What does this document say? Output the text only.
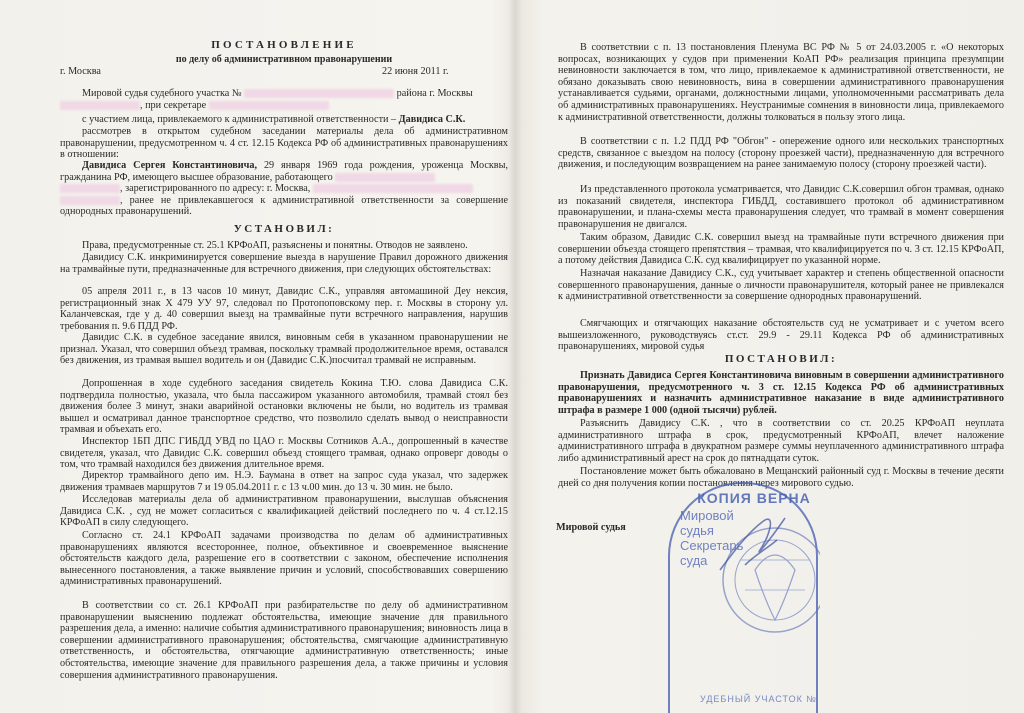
ПОСТАНОВЛЕНИЕ
по делу об административном правонарушении
г. Москва	22 июня 2011 г.

Мировой судья судебного участка №	района г. Москвы
, при секретаре

с участием лица, привлекаемого к административной ответственности – Давидиса С.К.

рассмотрев в открытом судебном заседании материалы дела об административном правонарушении, предусмотренном ч. 4 ст. 12.15 Кодекса РФ об административных правонарушениях в отношении:

Давидиса Сергея Константиновича, 29 января 1969 года рождения, уроженца Москвы, гражданина РФ, имеющего высшее образование, работающего
, зарегистрированного по адресу: г. Москва,
, ранее не привлекавшегося к административной ответственности за совершение однородных правонарушений.

УСТАНОВИЛ:

Права, предусмотренные ст. 25.1 КРФоАП, разъяснены и понятны. Отводов не заявлено.

Давидису С.К. инкриминируется совершение выезда в нарушение Правил дорожного движения на трамвайные пути, предназначенные для встречного движения, при следующих обстоятельствах:

05 апреля 2011 г., в 13 часов 10 минут, Давидис С.К., управляя автомашиной Деу нексия, регистрационный знак Х 479 УУ 97, следовал по Протопоповскому пер. г. Москвы в сторону ул. Каланчевская, где у д. 40 совершил выезд на трамвайные пути встречного направления, нарушив требования п. 9.6 ПДД РФ.

Давидис С.К. в судебное заседание явился, виновным себя в указанном правонарушении не признал. Указал, что совершил объезд трамвая, поскольку трамвай продолжительное время, оставался без движения, из трамвая вышел водитель и он (Давидис С.К.)посчитал трамвай не исправным.

Допрошенная в ходе судебного заседания свидетель Кокина Т.Ю. слова Давидиса С.К. подтвердила полностью, указала, что была пассажиром указанного автомобиля, трамвай стоял без движения более 3 минут, знаки аварийной остановки включены не были, но водитель из трамвая вышел и осматривал данное транспортное средство, что позволило сделать вывод о неисправности трамвая и объехать его.

Инспектор 1БП ДПС ГИБДД УВД по ЦАО г. Москвы Сотников А.А., допрошенный в качестве свидетеля, указал, что Давидис С.К. совершил объезд стоящего трамвая, однако опроверг доводы о том, что трамвай находился без движения длительное время.

Директор трамвайного депо им. Н.Э. Баумана в ответ на запрос суда указал, что задержек движения трамваев маршрутов 7 и 19 05.04.2011 г. с 13 ч.00 мин. до 13 ч. 30 мин. не было.

Исследовав материалы дела об административном правонарушении, выслушав объяснения Давидиса С.К. , суд не может согласиться с квалификацией действий последнего по ч. 4 ст.12.15 КРФоАП в силу следующего.

Согласно ст. 24.1 КРФоАП задачами производства по делам об административных правонарушениях являются всестороннее, полное, объективное и своевременное выяснение обстоятельств каждого дела, разрешение его в соответствии с законом, обеспечение исполнения вынесенного постановления, а также выявление причин и условий, способствовавших совершению административных правонарушений.

В соответствии со ст. 26.1 КРФоАП при разбирательстве по делу об административном правонарушении выяснению подлежат обстоятельства, имеющие значение для правильного разрешения дела, а именно: наличие события административного правонарушения; виновность лица в совершении административного правонарушения; обстоятельства, смягчающие административную ответственность, и обстоятельства, отягчающие административную ответственность; иные обстоятельства, имеющие значение для правильного разрешения дела, а также причины и условия совершения административного правонарушения.

В соответствии с п. 13 постановления Пленума ВС РФ № 5 от 24.03.2005 г. «О некоторых вопросах, возникающих у судов при применении КоАП РФ» реализация принципа презумпции невиновности заключается в том, что лицо, привлекаемое к административной ответственности, не обязано доказывать свою невиновность, вина в совершении административного правонарушения устанавливается судьями, органами, должностными лицами, уполномоченными рассматривать дела об административных правонарушениях. Неустранимые сомнения в виновности лица, привлекаемого к административной ответственности, должны толковаться в пользу этого лица.

В соответствии с п. 1.2 ПДД РФ "Обгон" - опережение одного или нескольких транспортных средств, связанное с выездом на полосу (сторону проезжей части), предназначенную для встречного движения, и последующим возвращением на ранее занимаемую полосу (сторону проезжей части).

Из представленного протокола усматривается, что Давидис С.К.совершил обгон трамвая, однако из показаний свидетеля, инспектора ГИБДД, составившего протокол об административном правонарушении, и плана-схемы места правонарушения следует, что трамвай в момент совершения правонарушения не двигался.

Таким образом, Давидис С.К. совершил выезд на трамвайные пути встречного движения при совершении объезда стоящего препятствия – трамвая, что квалифицируется по ч. 3 ст. 12.15 КРФоАП, а потому действия Давидиса С.К. суд квалифицирует по указанной норме.

Назначая наказание Давидису С.К., суд учитывает характер и степень общественной опасности совершенного правонарушения, данные о личности правонарушителя, который ранее не привлекался к административной ответственности за совершение однородных правонарушений.

Смягчающих и отягчающих наказание обстоятельств суд не усматривает и с учетом всего вышеизложенного, руководствуясь ст.ст. 29.9 - 29.11 Кодекса РФ об административных правонарушениях, мировой судья

ПОСТАНОВИЛ:

Признать Давидиса Сергея Константиновича виновным в совершении административного правонарушения, предусмотренного ч. 3 ст. 12.15 Кодекса РФ об административных правонарушениях и назначить административное наказание в виде административного штрафа в размере 1 000 (одной тысячи) рублей.

Разъяснить Давидису С.К. , что в соответствии со ст. 20.25 КРФоАП неуплата административного штрафа в срок, предусмотренный КРФоАП, влечет наложение административного штрафа в двукратном размере суммы неуплаченного административного штрафа либо административный арест на срок до пятнадцати суток.

Постановление может быть обжаловано в Мещанский районный суд г. Москвы в течение десяти дней со дня получения копии постановления через мирового судью.

Мировой судья
КОПИЯ ВЕРНА
Мировой
судья
Секретарь
суда
УДЕБНЫЙ УЧАСТОК №
